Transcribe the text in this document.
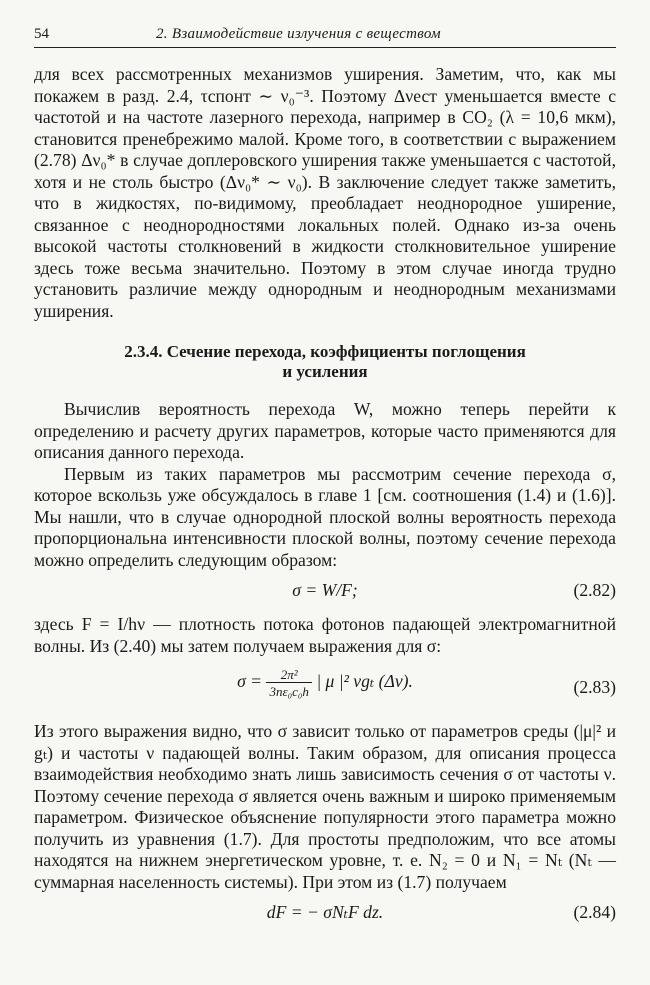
54	2. Взаимодействие излучения с веществом

для всех рассмотренных механизмов уширения. Заметим, что, как мы покажем в разд. 2.4, τспонт ∼ ν₀⁻³. Поэтому Δνест уменьшается вместе с частотой и на частоте лазерного перехода, например в CO₂ (λ = 10,6 мкм), становится пренебрежимо малой. Кроме того, в соответствии с выражением (2.78) Δν₀* в случае доплеровского уширения также уменьшается с частотой, хотя и не столь быстро (Δν₀* ∼ ν₀). В заключение следует также заметить, что в жидкостях, по-видимому, преобладает неоднородное уширение, связанное с неоднородностями локальных полей. Однако из-за очень высокой частоты столкновений в жидкости столкновительное уширение здесь тоже весьма значительно. Поэтому в этом случае иногда трудно установить различие между однородным и неоднородным механизмами уширения.

2.3.4. Сечение перехода, коэффициенты поглощения
и усиления

Вычислив вероятность перехода W, можно теперь перейти к определению и расчету других параметров, которые часто применяются для описания данного перехода.

Первым из таких параметров мы рассмотрим сечение перехода σ, которое вскользь уже обсуждалось в главе 1 [см. соотношения (1.4) и (1.6)]. Мы нашли, что в случае однородной плоской волны вероятность перехода пропорциональна интенсивности плоской волны, поэтому сечение перехода можно определить следующим образом:

σ = W/F;	(2.82)

здесь F = I/hν — плотность потока фотонов падающей электромагнитной волны. Из (2.40) мы затем получаем выражения для σ:

$\sigma = \frac{\text{2π²}}{\text{3nε₀c₀h}}$ | μ |² νgₜ (Δν).	(2.83)

Из этого выражения видно, что σ зависит только от параметров среды (|μ|² и gₜ) и частоты ν падающей волны. Таким образом, для описания процесса взаимодействия необходимо знать лишь зависимость сечения σ от частоты ν. Поэтому сечение перехода σ является очень важным и широко применяемым параметром. Физическое объяснение популярности этого параметра можно получить из уравнения (1.7). Для простоты предположим, что все атомы находятся на нижнем энергетическом уровне, т. е. N₂ = 0 и N₁ = Nₜ (Nₜ — суммарная населенность системы). При этом из (1.7) получаем

dF = − σNₜF dz.	(2.84)
